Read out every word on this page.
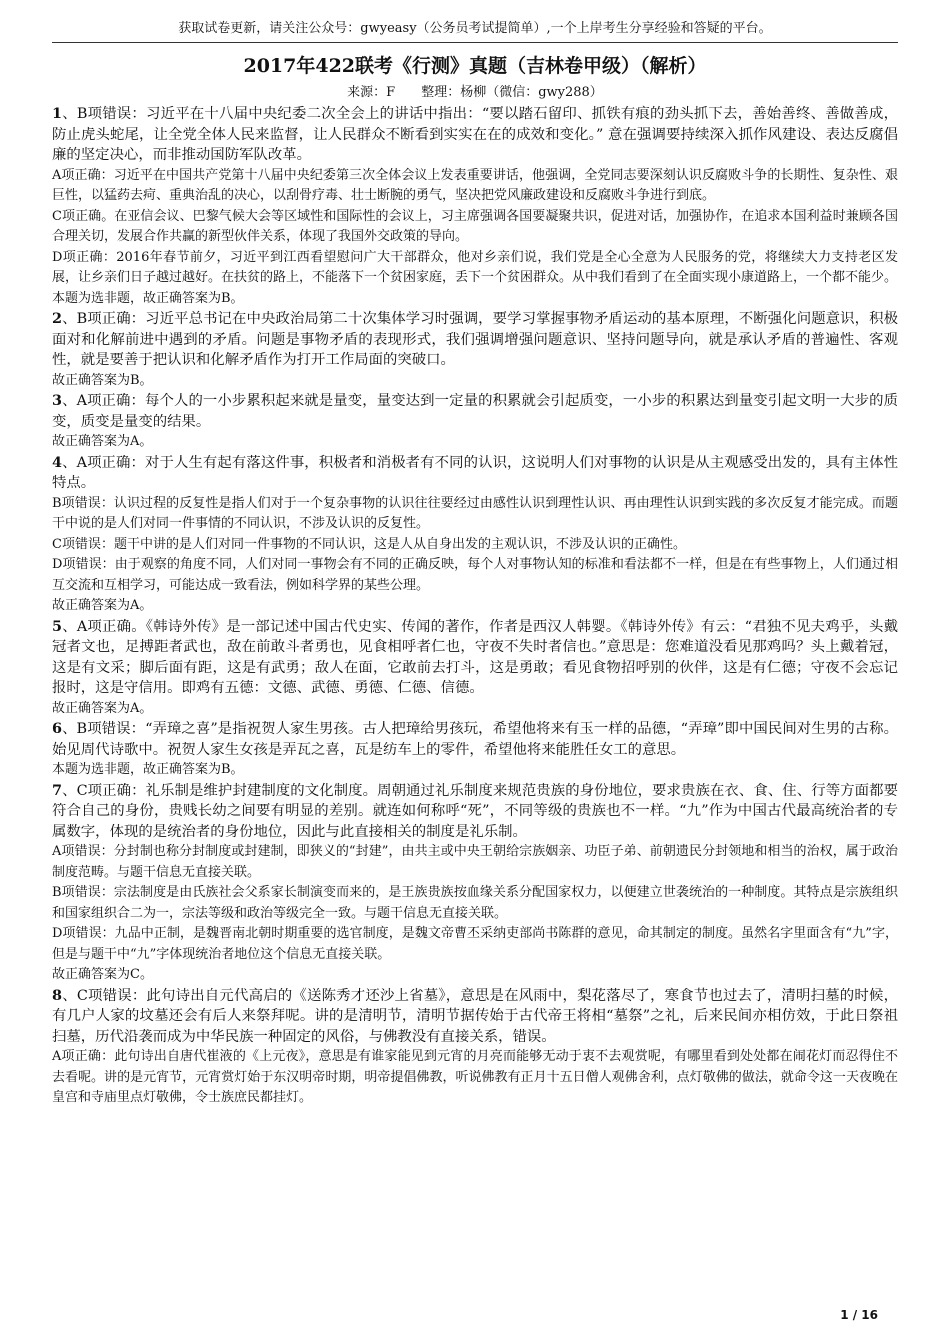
获取试卷更新，请关注公众号：gwyeasy（公务员考试提简单）,一个上岸考生分享经验和答疑的平台。
2017年422联考《行测》真题（吉林卷甲级）（解析）
来源：F　　整理：杨柳（微信：gwy288）

1、B项错误：习近平在十八届中央纪委二次全会上的讲话中指出：“要以踏石留印、抓铁有痕的劲头抓下去，善始善终、善做善成，防止虎头蛇尾，让全党全体人民来监督，让人民群众不断看到实实在在的成效和变化。” 意在强调要持续深入抓作风建设、表达反腐倡廉的坚定决心，而非推动国防军队改革。

A项正确：习近平在中国共产党第十八届中央纪委第三次全体会议上发表重要讲话，他强调，全党同志要深刻认识反腐败斗争的长期性、复杂性、艰巨性，以猛药去疴、重典治乱的决心，以刮骨疗毒、壮士断腕的勇气，坚决把党风廉政建设和反腐败斗争进行到底。

C项正确。在亚信会议、巴黎气候大会等区域性和国际性的会议上，习主席强调各国要凝聚共识，促进对话，加强协作，在追求本国利益时兼顾各国合理关切，发展合作共赢的新型伙伴关系，体现了我国外交政策的导向。

D项正确：2016年春节前夕，习近平到江西看望慰问广大干部群众，他对乡亲们说，我们党是全心全意为人民服务的党，将继续大力支持老区发展，让乡亲们日子越过越好。在扶贫的路上，不能落下一个贫困家庭，丢下一个贫困群众。从中我们看到了在全面实现小康道路上，一个都不能少。

本题为选非题，故正确答案为B。

2、B项正确：习近平总书记在中央政治局第二十次集体学习时强调，要学习掌握事物矛盾运动的基本原理，不断强化问题意识，积极面对和化解前进中遇到的矛盾。问题是事物矛盾的表现形式，我们强调增强问题意识、坚持问题导向，就是承认矛盾的普遍性、客观性，就是要善于把认识和化解矛盾作为打开工作局面的突破口。

故正确答案为B。

3、A项正确：每个人的一小步累积起来就是量变，量变达到一定量的积累就会引起质变，一小步的积累达到量变引起文明一大步的质变，质变是量变的结果。

故正确答案为A。

4、A项正确：对于人生有起有落这件事，积极者和消极者有不同的认识，这说明人们对事物的认识是从主观感受出发的，具有主体性特点。

B项错误：认识过程的反复性是指人们对于一个复杂事物的认识往往要经过由感性认识到理性认识、再由理性认识到实践的多次反复才能完成。而题干中说的是人们对同一件事情的不同认识，不涉及认识的反复性。

C项错误：题干中讲的是人们对同一件事物的不同认识，这是人从自身出发的主观认识，不涉及认识的正确性。

D项错误：由于观察的角度不同，人们对同一事物会有不同的正确反映，每个人对事物认知的标准和看法都不一样，但是在有些事物上，人们通过相互交流和互相学习，可能达成一致看法，例如科学界的某些公理。

故正确答案为A。

5、A项正确。《韩诗外传》是一部记述中国古代史实、传闻的著作，作者是西汉人韩婴。《韩诗外传》有云：“君独不见夫鸡乎，头戴冠者文也，足搏距者武也，敌在前敢斗者勇也，见食相呼者仁也，守夜不失时者信也。”意思是：您难道没看见那鸡吗？头上戴着冠，这是有文采；脚后面有距，这是有武勇；敌人在面，它敢前去打斗，这是勇敢；看见食物招呼别的伙伴，这是有仁德；守夜不会忘记报时，这是守信用。即鸡有五德：文德、武德、勇德、仁德、信德。

故正确答案为A。

6、B项错误：“弄璋之喜”是指祝贺人家生男孩。古人把璋给男孩玩，希望他将来有玉一样的品德，“弄璋”即中国民间对生男的古称。始见周代诗歌中。祝贺人家生女孩是弄瓦之喜，瓦是纺车上的零件，希望他将来能胜任女工的意思。

本题为选非题，故正确答案为B。

7、C项正确：礼乐制是维护封建制度的文化制度。周朝通过礼乐制度来规范贵族的身份地位，要求贵族在衣、食、住、行等方面都要符合自己的身份，贵贱长幼之间要有明显的差别。就连如何称呼“死”，不同等级的贵族也不一样。“九”作为中国古代最高统治者的专属数字，体现的是统治者的身份地位，因此与此直接相关的制度是礼乐制。

A项错误：分封制也称分封制度或封建制，即狭义的“封建”，由共主或中央王朝给宗族姻亲、功臣子弟、前朝遗民分封领地和相当的治权，属于政治制度范畴。与题干信息无直接关联。

B项错误：宗法制度是由氏族社会父系家长制演变而来的，是王族贵族按血缘关系分配国家权力，以便建立世袭统治的一种制度。其特点是宗族组织和国家组织合二为一，宗法等级和政治等级完全一致。与题干信息无直接关联。

D项错误：九品中正制，是魏晋南北朝时期重要的选官制度，是魏文帝曹丕采纳吏部尚书陈群的意见，命其制定的制度。虽然名字里面含有“九”字，但是与题干中“九”字体现统治者地位这个信息无直接关联。

故正确答案为C。

8、C项错误：此句诗出自元代高启的《送陈秀才还沙上省墓》，意思是在风雨中，梨花落尽了，寒食节也过去了，清明扫墓的时候，有几户人家的坟墓还会有后人来祭拜呢。讲的是清明节，清明节据传始于古代帝王将相“墓祭”之礼，后来民间亦相仿效，于此日祭祖扫墓，历代沿袭而成为中华民族一种固定的风俗，与佛教没有直接关系，错误。

A项正确：此句诗出自唐代崔液的《上元夜》，意思是有谁家能见到元宵的月亮而能够无动于衷不去观赏呢，有哪里看到处处都在闹花灯而忍得住不去看呢。讲的是元宵节，元宵赏灯始于东汉明帝时期，明帝提倡佛教，听说佛教有正月十五日僧人观佛舍利，点灯敬佛的做法，就命令这一天夜晚在皇宫和寺庙里点灯敬佛，令士族庶民都挂灯。

1 / 16
